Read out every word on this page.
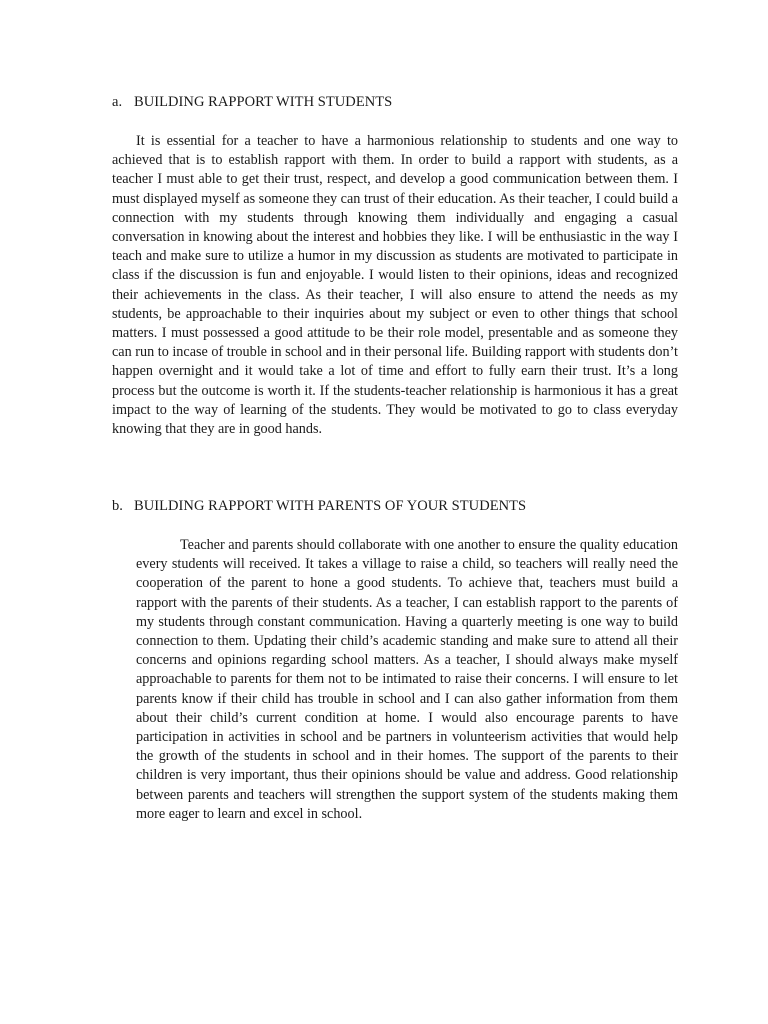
a. BUILDING RAPPORT WITH STUDENTS

It is essential for a teacher to have a harmonious relationship to students and one way to achieved that is to establish rapport with them. In order to build a rapport with students, as a teacher I must able to get their trust, respect, and develop a good communication between them. I must displayed myself as someone they can trust of their education. As their teacher, I could build a connection with my students through knowing them individually and engaging a casual conversation in knowing about the interest and hobbies they like. I will be enthusiastic in the way I teach and make sure to utilize a humor in my discussion as students are motivated to participate in class if the discussion is fun and enjoyable. I would listen to their opinions, ideas and recognized their achievements in the class. As their teacher, I will also ensure to attend the needs as my students, be approachable to their inquiries about my subject or even to other things that school matters. I must possessed a good attitude to be their role model, presentable and as someone they can run to incase of trouble in school and in their personal life. Building rapport with students don’t happen overnight and it would take a lot of time and effort to fully earn their trust. It’s a long process but the outcome is worth it. If the students-teacher relationship is harmonious it has a great impact to the way of learning of the students. They would be motivated to go to class everyday knowing that they are in good hands.

b. BUILDING RAPPORT WITH PARENTS OF YOUR STUDENTS

Teacher and parents should collaborate with one another to ensure the quality education every students will received. It takes a village to raise a child, so teachers will really need the cooperation of the parent to hone a good students. To achieve that, teachers must build a rapport with the parents of their students. As a teacher, I can establish rapport to the parents of my students through constant communication. Having a quarterly meeting is one way to build connection to them. Updating their child’s academic standing and make sure to attend all their concerns and opinions regarding school matters. As a teacher, I should always make myself approachable to parents for them not to be intimated to raise their concerns. I will ensure to let parents know if their child has trouble in school and I can also gather information from them about their child’s current condition at home. I would also encourage parents to have participation in activities in school and be partners in volunteerism activities that would help the growth of the students in school and in their homes. The support of the parents to their children is very important, thus their opinions should be value and address. Good relationship between parents and teachers will strengthen the support system of the students making them more eager to learn and excel in school.
